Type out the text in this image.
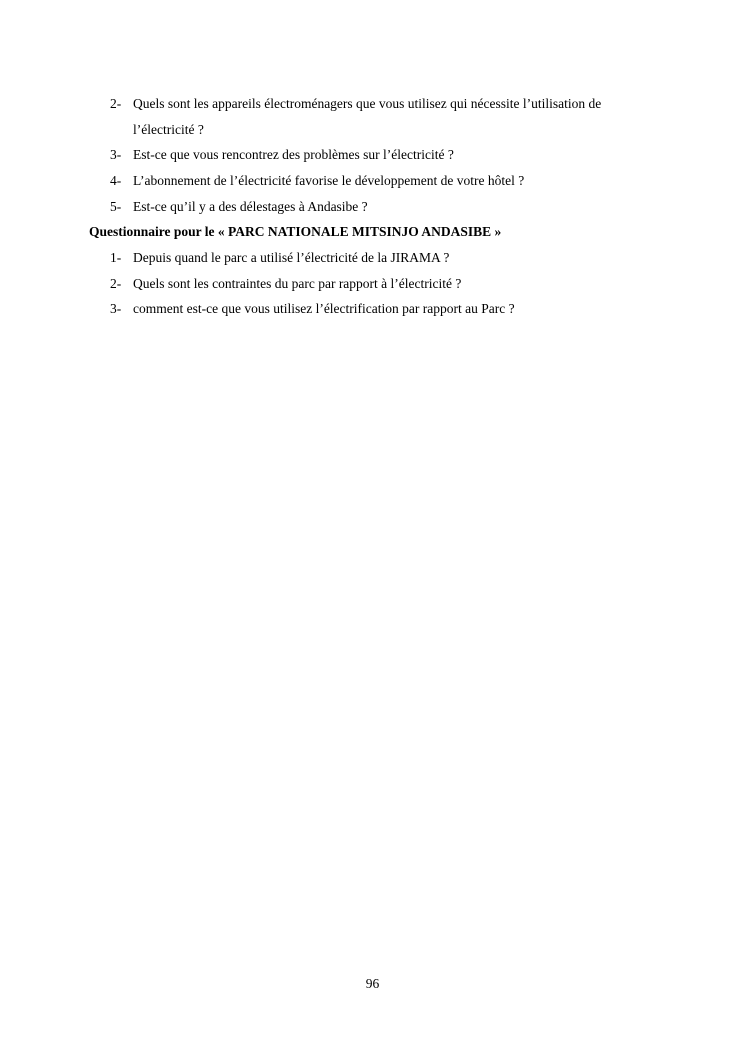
2- Quels sont les appareils électroménagers que vous utilisez qui nécessite l’utilisation de l’électricité ?
3- Est-ce que vous rencontrez des problèmes sur l’électricité ?
4- L’abonnement de l’électricité favorise le développement de votre hôtel ?
5- Est-ce qu’il y a des délestages à Andasibe ?
Questionnaire pour le « PARC NATIONALE MITSINJO ANDASIBE »
1- Depuis quand le parc a utilisé l’électricité de la JIRAMA ?
2- Quels sont les contraintes du parc par rapport à l’électricité ?
3- comment est-ce que vous utilisez l’électrification par rapport au Parc ?
96
